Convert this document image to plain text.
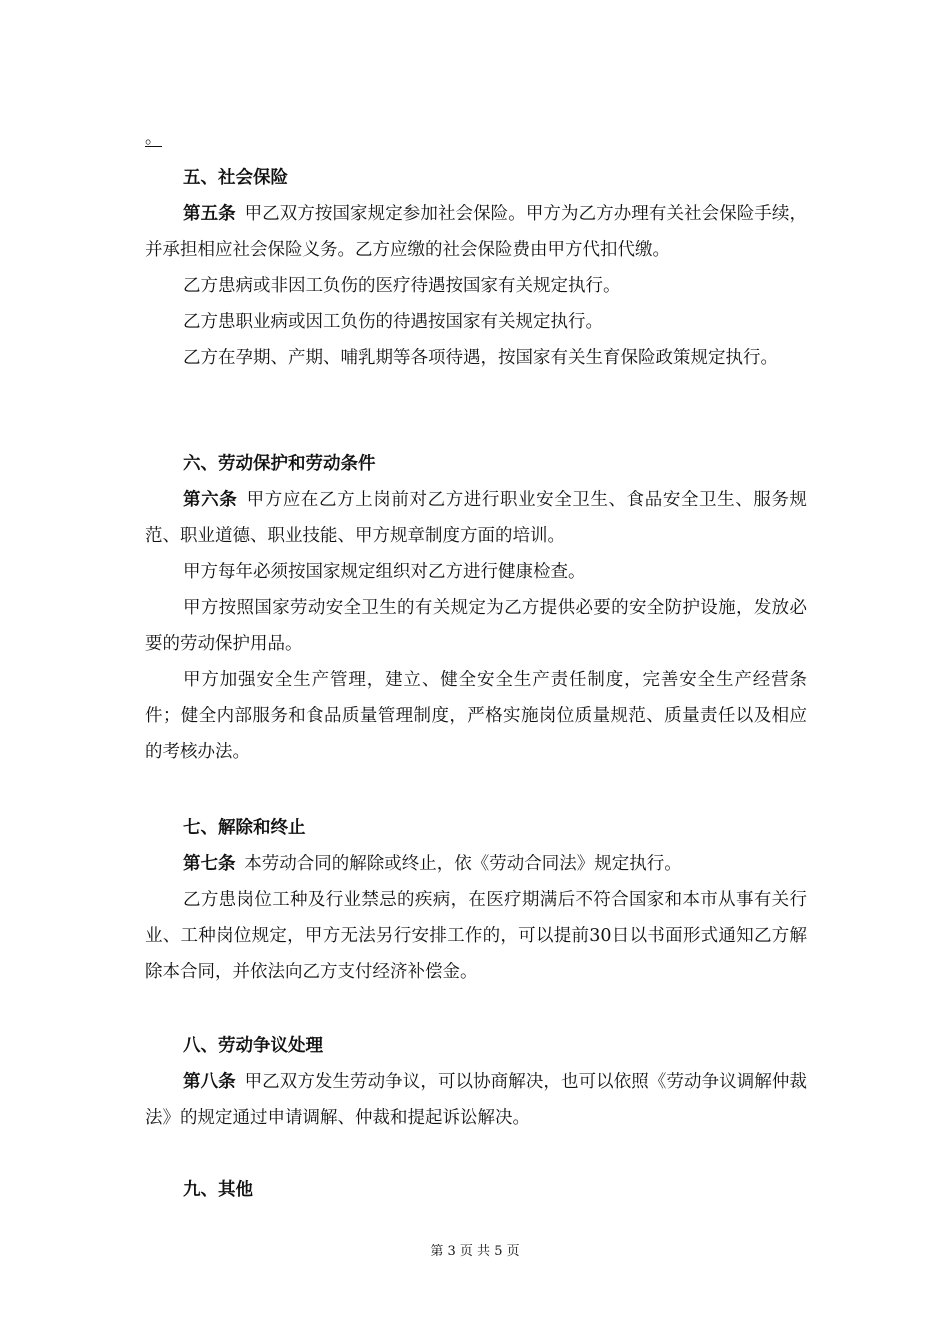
。

五、社会保险

第五条  甲乙双方按国家规定参加社会保险。甲方为乙方办理有关社会保险手续，并承担相应社会保险义务。乙方应缴的社会保险费由甲方代扣代缴。

乙方患病或非因工负伤的医疗待遇按国家有关规定执行。

乙方患职业病或因工负伤的待遇按国家有关规定执行。

乙方在孕期、产期、哺乳期等各项待遇，按国家有关生育保险政策规定执行。

六、劳动保护和劳动条件

第六条  甲方应在乙方上岗前对乙方进行职业安全卫生、食品安全卫生、服务规范、职业道德、职业技能、甲方规章制度方面的培训。

甲方每年必须按国家规定组织对乙方进行健康检查。

甲方按照国家劳动安全卫生的有关规定为乙方提供必要的安全防护设施，发放必要的劳动保护用品。

甲方加强安全生产管理，建立、健全安全生产责任制度，完善安全生产经营条件；健全内部服务和食品质量管理制度，严格实施岗位质量规范、质量责任以及相应的考核办法。

七、解除和终止

第七条  本劳动合同的解除或终止，依《劳动合同法》规定执行。

乙方患岗位工种及行业禁忌的疾病，在医疗期满后不符合国家和本市从事有关行业、工种岗位规定，甲方无法另行安排工作的，可以提前30日以书面形式通知乙方解除本合同，并依法向乙方支付经济补偿金。

八、劳动争议处理

第八条  甲乙双方发生劳动争议，可以协商解决，也可以依照《劳动争议调解仲裁法》的规定通过申请调解、仲裁和提起诉讼解决。

九、其他

第 3 页 共 5 页
